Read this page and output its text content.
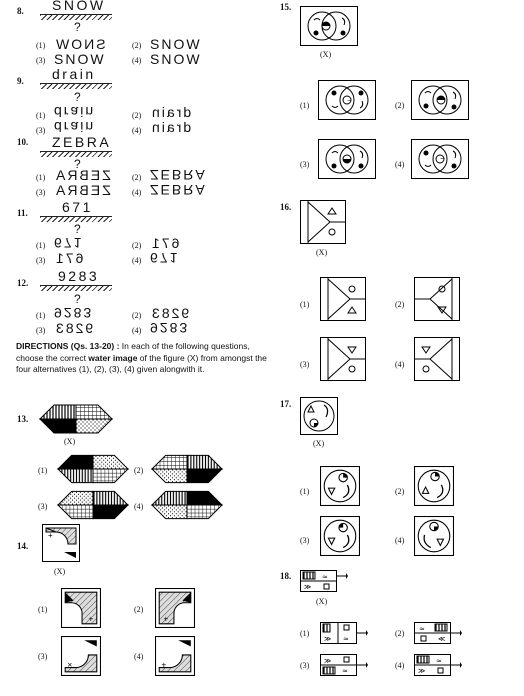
8. SNOW
?
(1) SNOW	(2) SNOW
(3) SNOW	(4) SNOW
9. drain
?
(1) drain	(2) drain
(3) drain	(4) drain
10. ZEBRA
?
(1) ZEBRA	(2) ZEBRA
(3) ZEBRA	(4) ZEBRA
11. 671
?
(1) 671	(2) 671
(3) 671	(4) 671
12. 9283
?
(1) 9283	(2) 9283
(3) 9283	(4) 9283
DIRECTIONS (Qs. 13-20) : In each of the following questions, choose the correct water image of the figure (X) from amongst the four alternatives (1), (2), (3), (4) given alongwith it.
13.
(X)
(1)	(2)
(3)	(4)
14.
+
(X)
(1)
+
(2)
+
(3)
×
(4)
+
15.
(X)
(1)	(2)
(3)	(4)
16.
(X)
(1)	(2)
(3)	(4)
17.
(X)
(1)	(2)
(3)	(4)
18.	≈
≫
(X)
(1)
≫ ≈
(2) ≈
≪
(3) ≫
≈
(4)	≈
≫
